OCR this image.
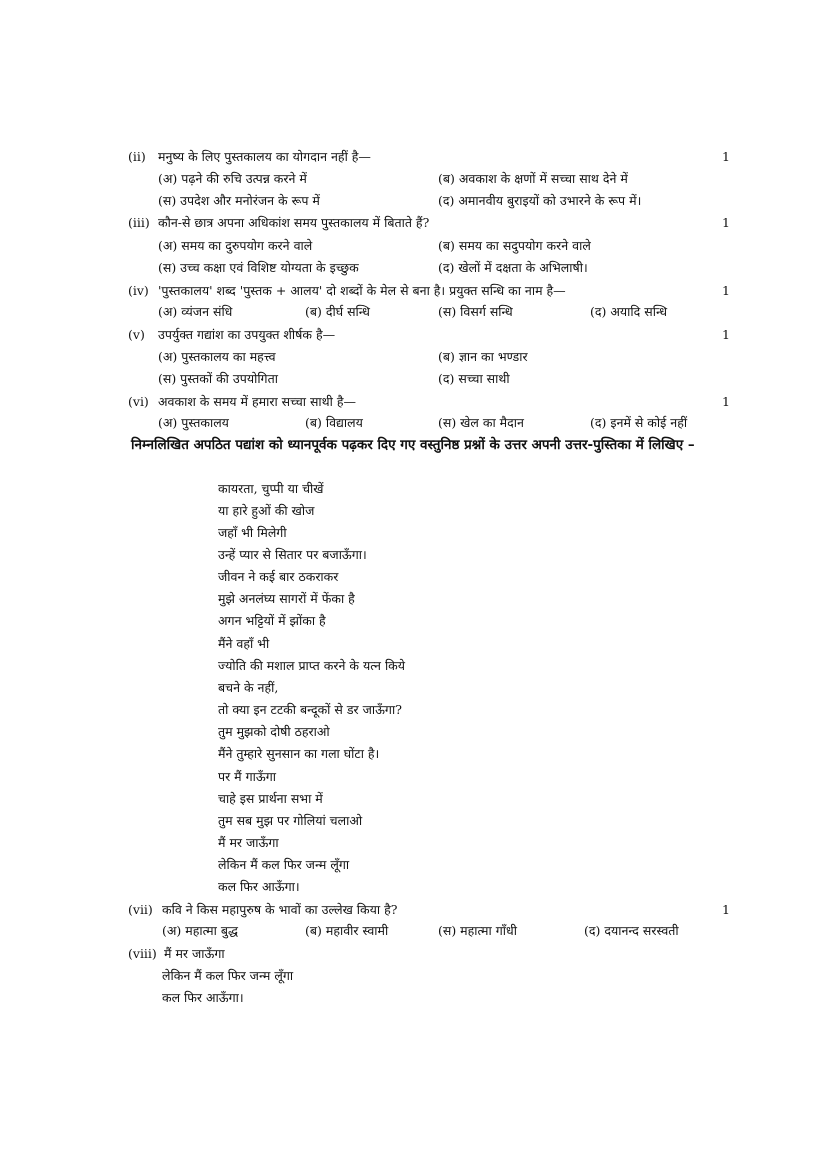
(ii) मनुष्य के लिए पुस्तकालय का योगदान नहीं है—	1
(अ) पढ़ने की रुचि उत्पन्न करने में	(ब) अवकाश के क्षणों में सच्चा साथ देने में
(स) उपदेश और मनोरंजन के रूप में	(द) अमानवीय बुराइयों को उभारने के रूप में।
(iii) कौन-से छात्र अपना अधिकांश समय पुस्तकालय में बिताते हैं?	1
(अ) समय का दुरुपयोग करने वाले	(ब) समय का सदुपयोग करने वाले
(स) उच्च कक्षा एवं विशिष्ट योग्यता के इच्छुक	(द) खेलों में दक्षता के अभिलाषी।
(iv) 'पुस्तकालय' शब्द 'पुस्तक + आलय' दो शब्दों के मेल से बना है। प्रयुक्त सन्धि का नाम है—	1
(अ) व्यंजन संधि	(ब) दीर्घ सन्धि	(स) विसर्ग सन्धि	(द) अयादि सन्धि
(v) उपर्युक्त गद्यांश का उपयुक्त शीर्षक है—	1
(अ) पुस्तकालय का महत्त्व	(ब) ज्ञान का भण्डार
(स) पुस्तकों की उपयोगिता	(द) सच्चा साथी
(vi) अवकाश के समय में हमारा सच्चा साथी है—	1
(अ) पुस्तकालय	(ब) विद्यालय	(स) खेल का मैदान	(द) इनमें से कोई नहीं
निम्नलिखित अपठित पद्यांश को ध्यानपूर्वक पढ़कर दिए गए वस्तुनिष्ठ प्रश्नों के उत्तर अपनी उत्तर-पुस्तिका में लिखिए –
कायरता, चुप्पी या चीखें
या हारे हुओं की खोज
जहाँ भी मिलेगी
उन्हें प्यार से सितार पर बजाऊँगा।
जीवन ने कई बार ठकराकर
मुझे अनलंघ्य सागरों में फेंका है
अगन भट्टियों में झोंका है
मैंने वहाँ भी
ज्योति की मशाल प्राप्त करने के यत्न किये
बचने के नहीं,
तो क्या इन टटकी बन्दूकों से डर जाऊँगा?
तुम मुझको दोषी ठहराओ
मैंने तुम्हारे सुनसान का गला घोंटा है।
पर मैं गाऊँगा
चाहे इस प्रार्थना सभा में
तुम सब मुझ पर गोलियां चलाओ
मैं मर जाऊँगा
लेकिन मैं कल फिर जन्म लूँगा
कल फिर आऊँगा।
(vii) कवि ने किस महापुरुष के भावों का उल्लेख किया है?	1
(अ) महात्मा बुद्ध	(ब) महावीर स्वामी	(स) महात्मा गाँधी	(द) दयानन्द सरस्वती
(viii) मैं मर जाऊँगा
लेकिन मैं कल फिर जन्म लूँगा
कल फिर आऊँगा।
